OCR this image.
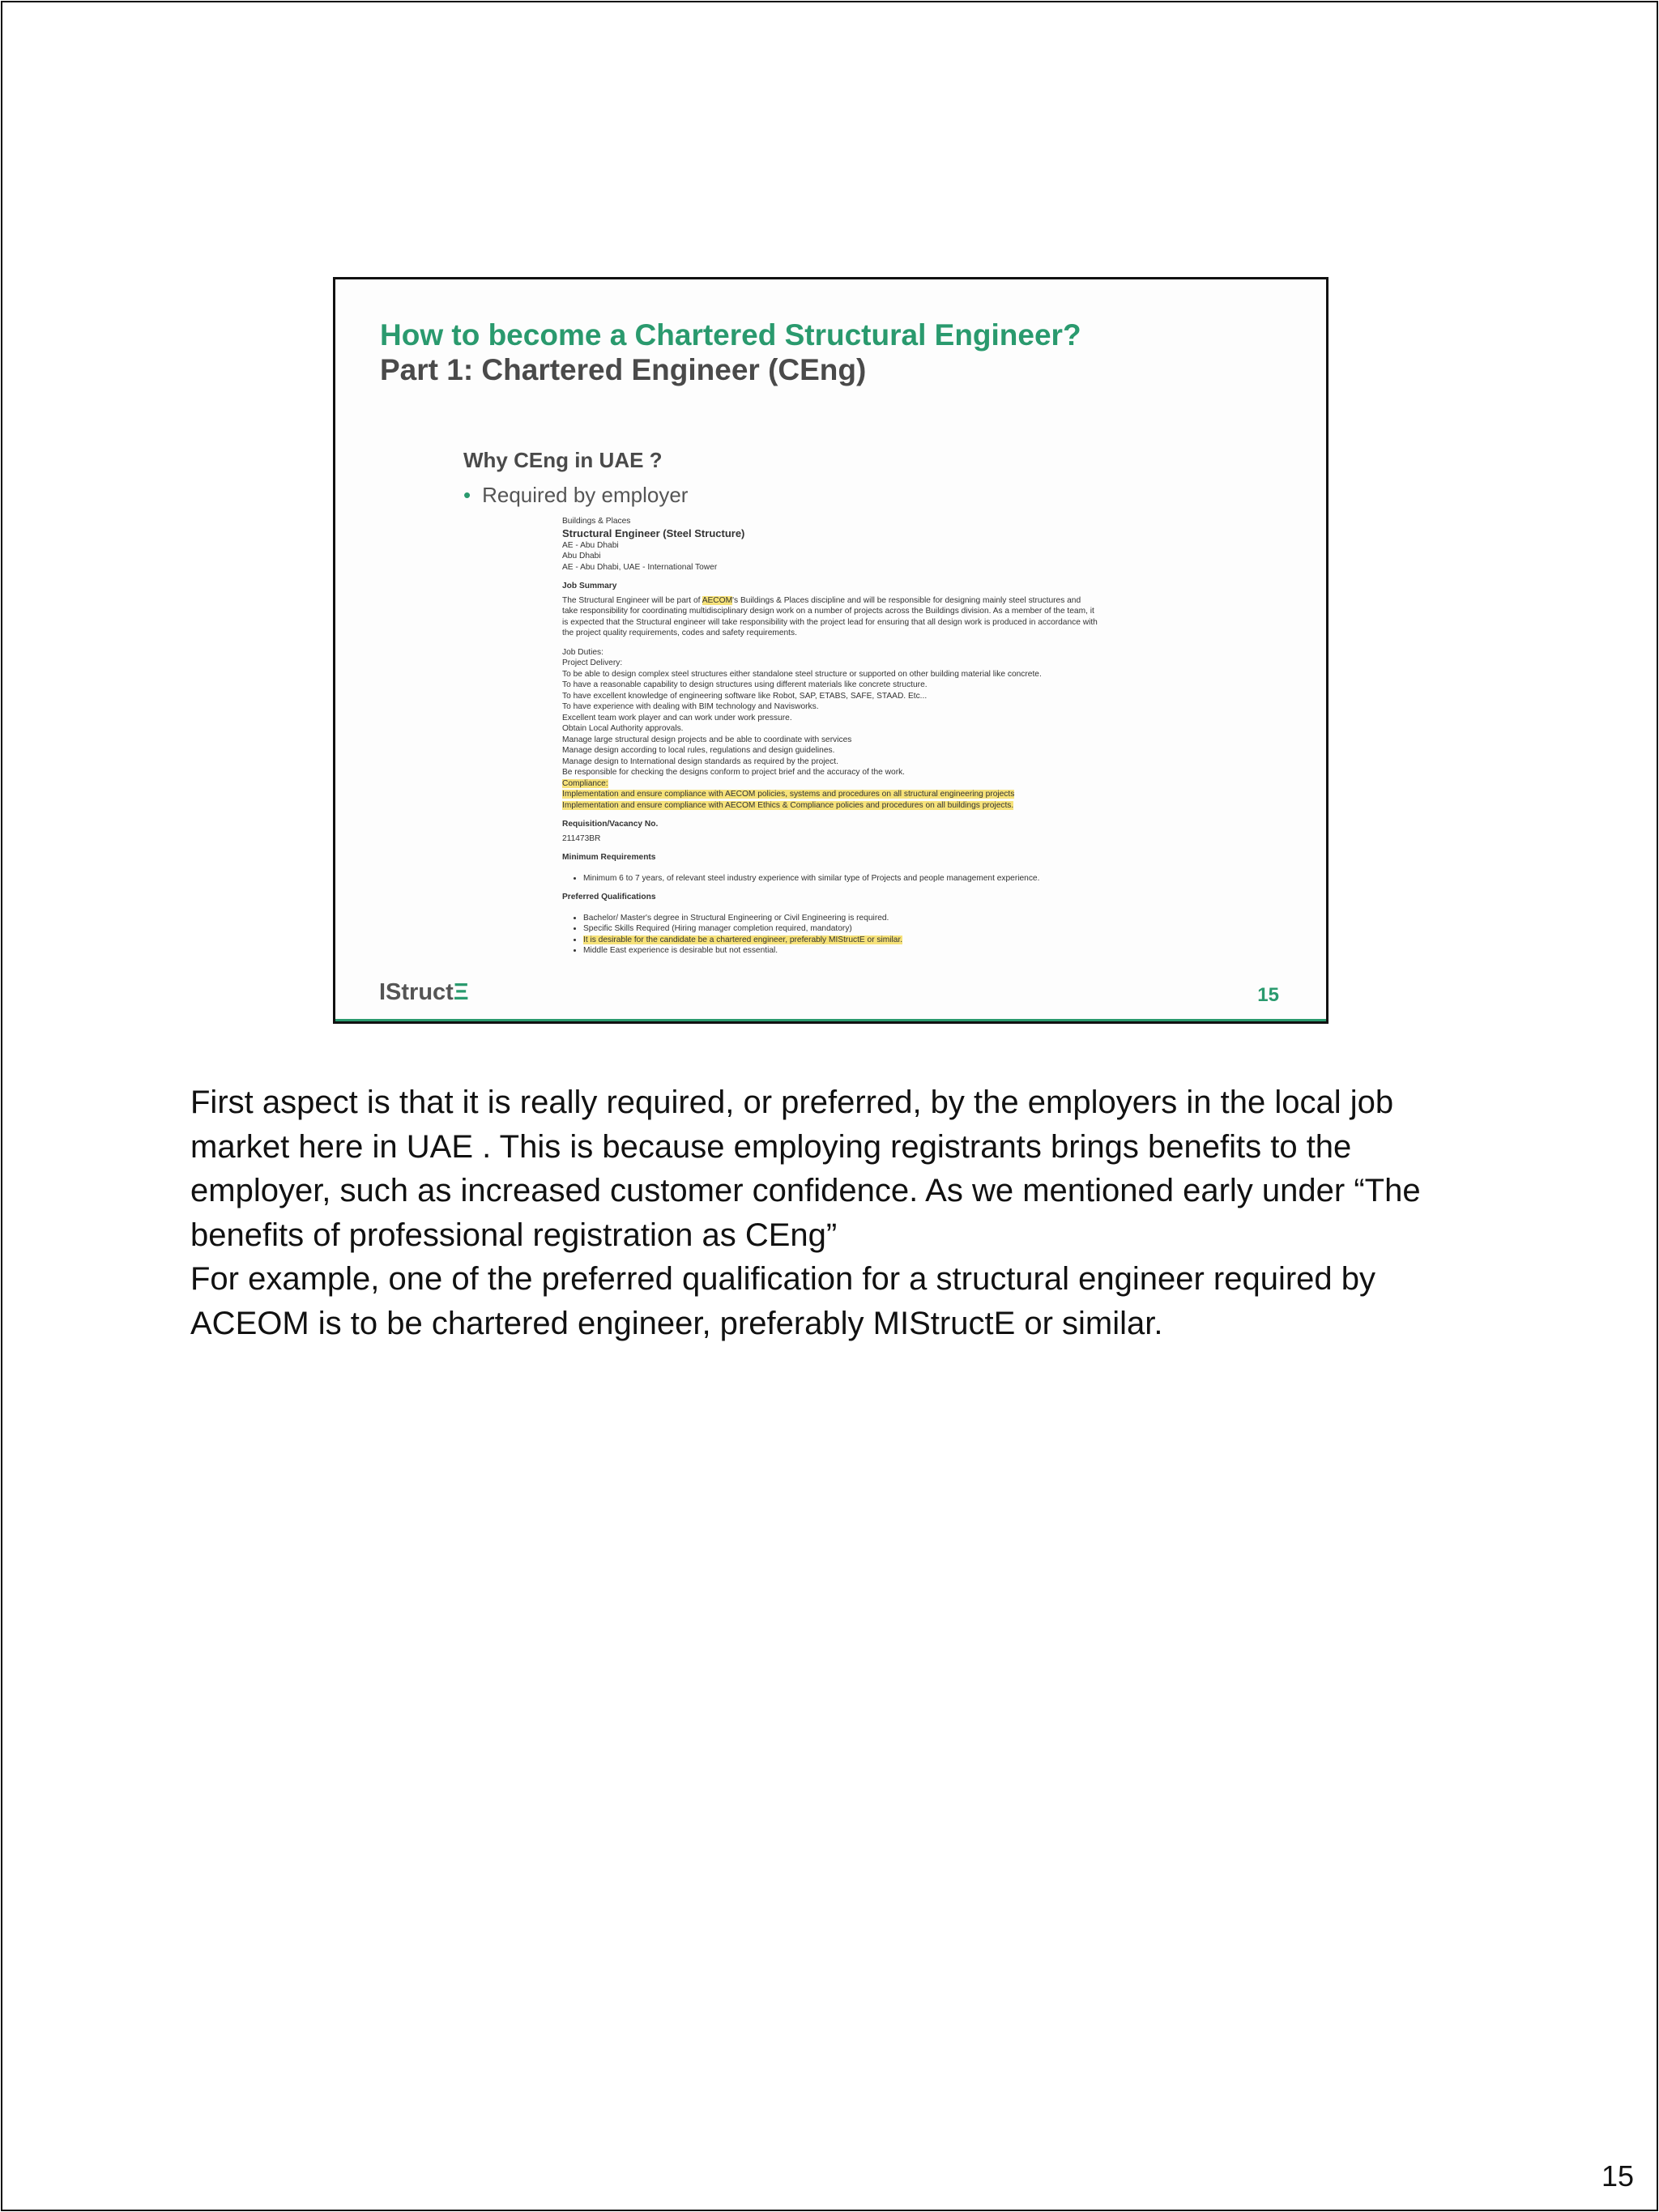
How to become a Chartered Structural Engineer?
Part 1: Chartered Engineer (CEng)
Why CEng in UAE ?
• Required by employer
Buildings & Places
Structural Engineer (Steel Structure)
AE - Abu Dhabi
Abu Dhabi
AE - Abu Dhabi, UAE - International Tower
Job Summary
The Structural Engineer will be part of AECOM's Buildings & Places discipline and will be responsible for designing mainly steel structures and
take responsibility for coordinating multidisciplinary design work on a number of projects across the Buildings division. As a member of the team, it
is expected that the Structural engineer will take responsibility with the project lead for ensuring that all design work is produced in accordance with
the project quality requirements, codes and safety requirements.
Job Duties:
Project Delivery:
To be able to design complex steel structures either standalone steel structure or supported on other building material like concrete.
To have a reasonable capability to design structures using different materials like concrete structure.
To have excellent knowledge of engineering software like Robot, SAP, ETABS, SAFE, STAAD. Etc...
To have experience with dealing with BIM technology and Navisworks.
Excellent team work player and can work under work pressure.
Obtain Local Authority approvals.
Manage large structural design projects and be able to coordinate with services
Manage design according to local rules, regulations and design guidelines.
Manage design to International design standards as required by the project.
Be responsible for checking the designs conform to project brief and the accuracy of the work.
Compliance:
Implementation and ensure compliance with AECOM policies, systems and procedures on all structural engineering projects
Implementation and ensure compliance with AECOM Ethics & Compliance policies and procedures on all buildings projects.
Requisition/Vacancy No.
211473BR
Minimum Requirements
• Minimum 6 to 7 years, of relevant steel industry experience with similar type of Projects and people management experience.
Preferred Qualifications
• Bachelor/ Master's degree in Structural Engineering or Civil Engineering is required.
• Specific Skills Required (Hiring manager completion required, mandatory)
• It is desirable for the candidate be a chartered engineer, preferably MIStructE or similar.
• Middle East experience is desirable but not essential.
IStructΞ	15

First aspect is that it is really required, or preferred, by the employers in the local job market here in UAE . This is because employing registrants brings benefits to the employer, such as increased customer confidence. As we mentioned early under “The benefits of professional registration as CEng”

For example, one of the preferred qualification for a structural engineer required by ACEOM is to be chartered engineer, preferably MIStructE or similar.

15
